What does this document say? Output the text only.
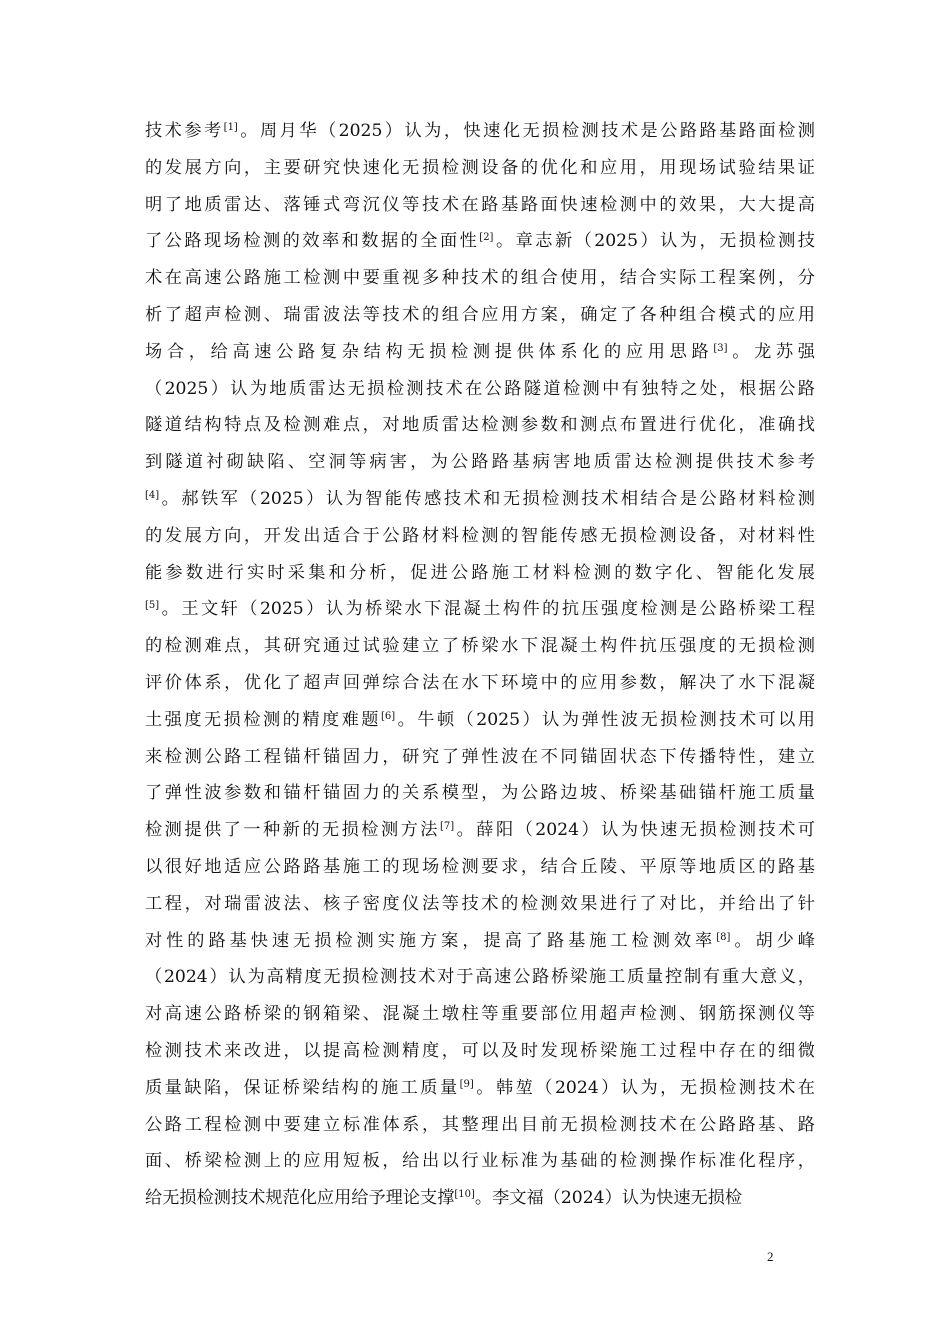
技术参考[1]。周月华（2025）认为，快速化无损检测技术是公路路基路面检测
的发展方向，主要研究快速化无损检测设备的优化和应用，用现场试验结果证
明了地质雷达、落锤式弯沉仪等技术在路基路面快速检测中的效果，大大提高
了公路现场检测的效率和数据的全面性[2]。章志新（2025）认为，无损检测技
术在高速公路施工检测中要重视多种技术的组合使用，结合实际工程案例，分
析了超声检测、瑞雷波法等技术的组合应用方案，确定了各种组合模式的应用
场合，给高速公路复杂结构无损检测提供体系化的应用思路[3]。龙苏强
（2025）认为地质雷达无损检测技术在公路隧道检测中有独特之处，根据公路
隧道结构特点及检测难点，对地质雷达检测参数和测点布置进行优化，准确找
到隧道衬砌缺陷、空洞等病害，为公路路基病害地质雷达检测提供技术参考
[4]。郝铁军（2025）认为智能传感技术和无损检测技术相结合是公路材料检测
的发展方向，开发出适合于公路材料检测的智能传感无损检测设备，对材料性
能参数进行实时采集和分析，促进公路施工材料检测的数字化、智能化发展
[5]。王文轩（2025）认为桥梁水下混凝土构件的抗压强度检测是公路桥梁工程
的检测难点，其研究通过试验建立了桥梁水下混凝土构件抗压强度的无损检测
评价体系，优化了超声回弹综合法在水下环境中的应用参数，解决了水下混凝
土强度无损检测的精度难题[6]。牛顿（2025）认为弹性波无损检测技术可以用
来检测公路工程锚杆锚固力，研究了弹性波在不同锚固状态下传播特性，建立
了弹性波参数和锚杆锚固力的关系模型，为公路边坡、桥梁基础锚杆施工质量
检测提供了一种新的无损检测方法[7]。薛阳（2024）认为快速无损检测技术可
以很好地适应公路路基施工的现场检测要求，结合丘陵、平原等地质区的路基
工程，对瑞雷波法、核子密度仪法等技术的检测效果进行了对比，并给出了针
对性的路基快速无损检测实施方案，提高了路基施工检测效率[8]。胡少峰
（2024）认为高精度无损检测技术对于高速公路桥梁施工质量控制有重大意义，
对高速公路桥梁的钢箱梁、混凝土墩柱等重要部位用超声检测、钢筋探测仪等
检测技术来改进，以提高检测精度，可以及时发现桥梁施工过程中存在的细微
质量缺陷，保证桥梁结构的施工质量[9]。韩堃（2024）认为，无损检测技术在
公路工程检测中要建立标准体系，其整理出目前无损检测技术在公路路基、路
面、桥梁检测上的应用短板，给出以行业标准为基础的检测操作标准化程序，
给无损检测技术规范化应用给予理论支撑[10]。李文福（2024）认为快速无损检

2
